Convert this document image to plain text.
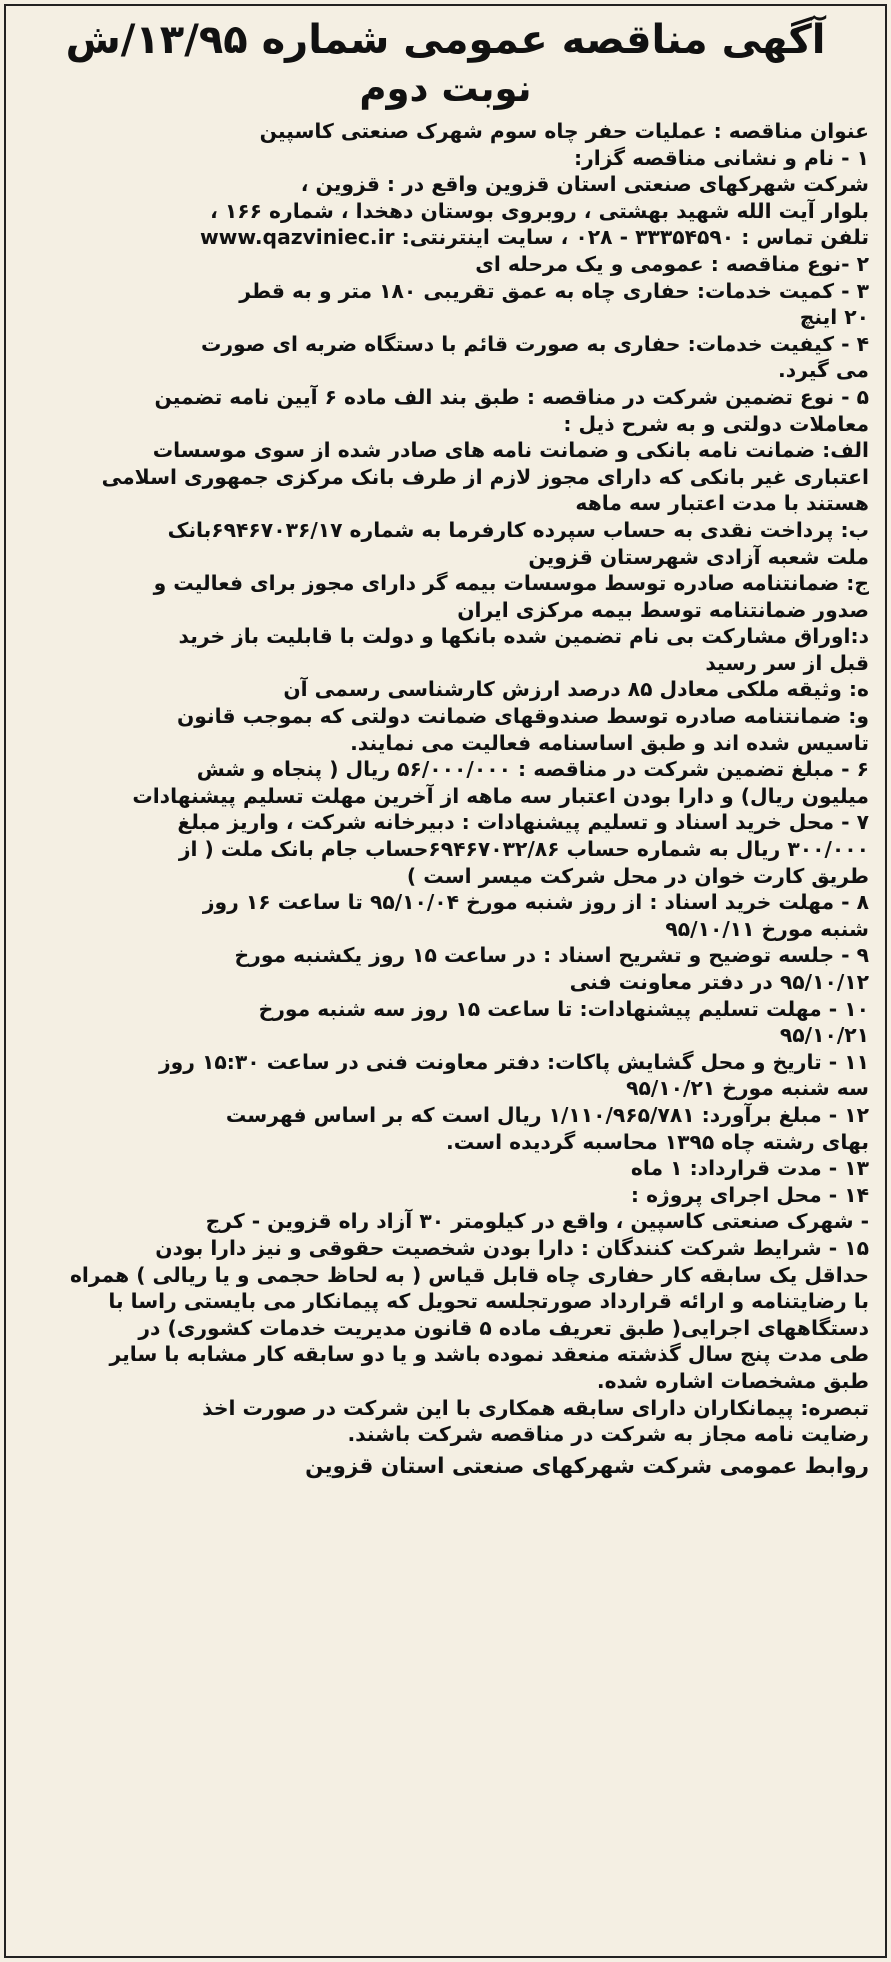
آگهی مناقصه عمومی شماره ۱۳/۹۵/ش
نوبت دوم

عنوان مناقصه : عملیات حفر چاه سوم شهرک صنعتی کاسپین

۱ - نام و نشانی مناقصه گزار:

شرکت شهرکهای صنعتی استان قزوین واقع در : قزوین ،

بلوار آیت الله شهید بهشتی ، روبروی بوستان دهخدا ، شماره ۱۶۶ ،

تلفن تماس : ۳۳۳۵۴۵۹۰ - ۰۲۸ ، سایت اینترنتی: www.qazviniec.ir

۲ -نوع مناقصه : عمومی و یک مرحله ای

۳ - کمیت خدمات: حفاری چاه به عمق تقریبی ۱۸۰ متر و به قطر

۲۰ اینچ

۴ - کیفیت خدمات: حفاری به صورت قائم با دستگاه ضربه ای صورت

می گیرد.

۵ - نوع تضمین شرکت در مناقصه : طبق بند الف ماده ۶ آیین نامه تضمین

معاملات دولتی و به شرح ذیل :

الف: ضمانت نامه بانکی و ضمانت نامه های صادر شده از سوی موسسات

اعتباری غیر بانکی که دارای مجوز لازم از طرف بانک مرکزی جمهوری اسلامی

هستند با مدت اعتبار سه ماهه

ب: پرداخت نقدی به حساب سپرده کارفرما به شماره ۶۹۴۶۷۰۳۶/۱۷بانک

ملت شعبه آزادی شهرستان قزوین

ج: ضمانتنامه صادره توسط موسسات بیمه گر دارای مجوز برای فعالیت و

صدور ضمانتنامه توسط بیمه مرکزی ایران

د:اوراق مشارکت بی نام تضمین شده بانکها و دولت با قابلیت باز خرید

قبل از سر رسید

ه: وثیقه ملکی معادل ۸۵ درصد ارزش کارشناسی رسمی آن

و: ضمانتنامه صادره توسط صندوقهای ضمانت دولتی که بموجب قانون

تاسیس شده اند و طبق اساسنامه فعالیت می نمایند.

۶ - مبلغ تضمین شرکت در مناقصه : ۵۶/۰۰۰/۰۰۰ ریال ( پنجاه و شش

میلیون ریال) و دارا بودن اعتبار سه ماهه از آخرین مهلت تسلیم پیشنهادات

۷ - محل خرید اسناد و تسلیم پیشنهادات : دبیرخانه شرکت ، واریز مبلغ

۳۰۰/۰۰۰ ریال به شماره حساب ۶۹۴۶۷۰۳۲/۸۶حساب جام بانک ملت ( از

طریق کارت خوان در محل شرکت میسر است )

۸ - مهلت خرید اسناد : از روز شنبه مورخ ۹۵/۱۰/۰۴ تا ساعت ۱۶ روز

شنبه مورخ ۹۵/۱۰/۱۱

۹ - جلسه توضیح و تشریح اسناد : در ساعت ۱۵ روز یکشنبه مورخ

۹۵/۱۰/۱۲ در دفتر معاونت فنی

۱۰ - مهلت تسلیم پیشنهادات: تا ساعت ۱۵ روز سه شنبه مورخ

۹۵/۱۰/۲۱

۱۱ - تاریخ و محل گشایش پاکات: دفتر معاونت فنی در ساعت ۱۵:۳۰ روز

سه شنبه مورخ ۹۵/۱۰/۲۱

۱۲ - مبلغ برآورد: ۱/۱۱۰/۹۶۵/۷۸۱ ریال است که بر اساس فهرست

بهای رشته چاه ۱۳۹۵ محاسبه گردیده است.

۱۳ - مدت قرارداد: ۱ ماه

۱۴ - محل اجرای پروژه :

- شهرک صنعتی کاسپین ، واقع در کیلومتر ۳۰ آزاد راه قزوین - کرج

۱۵ - شرایط شرکت کنندگان : دارا بودن شخصیت حقوقی و نیز دارا بودن

حداقل یک سابقه کار حفاری چاه قابل قیاس ( به لحاظ حجمی و یا ریالی ) همراه

با رضایتنامه و ارائه قرارداد صورتجلسه تحویل که پیمانکار می بایستی راسا با

دستگاههای اجرایی( طبق تعریف ماده ۵ قانون مدیریت خدمات کشوری) در

طی مدت پنج سال گذشته منعقد نموده باشد و یا دو سابقه کار مشابه با سایر

طبق مشخصات اشاره شده.

تبصره: پیمانکاران دارای سابقه همکاری با این شرکت در صورت اخذ

رضایت نامه مجاز به شرکت در مناقصه شرکت باشند.

روابط عمومی شرکت شهرکهای صنعتی استان قزوین
